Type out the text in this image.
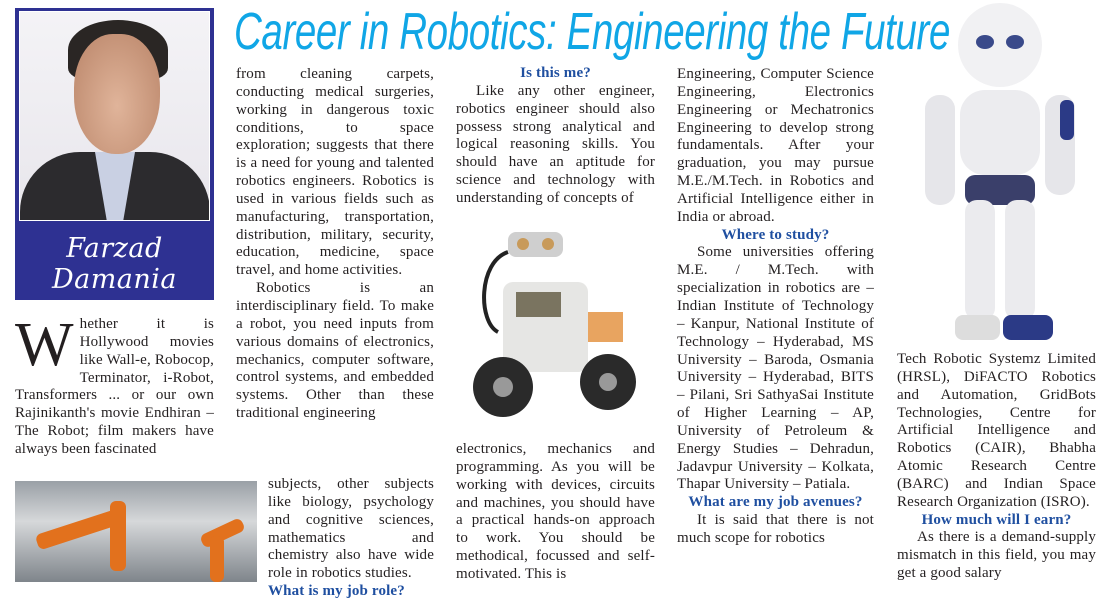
Career in Robotics: Engineering the Future
Farzad Damania

Whether it is Hollywood movies like Wall-e, Robocop, Terminator, i-Robot, Transformers ... or our own Rajinikanth's movie Endhiran – The Robot; film makers have always been fascinated

from cleaning carpets, conducting medical surgeries, working in dangerous toxic conditions, to space exploration; suggests that there is a need for young and talented robotics engineers. Robotics is used in various fields such as manufacturing, transportation, distribution, military, security, education, medicine, space travel, and home activities.

Robotics is an interdisciplinary field. To make a robot, you need inputs from various domains of electronics, mechanics, computer software, control systems, and embedded systems. Other than these traditional engineering

subjects, other subjects like biology, psychology and cognitive sciences, mathematics and chemistry also have wide role in robotics studies.

What is my job role?

Is this me?

Like any other engineer, robotics engineer should also possess strong analytical and logical reasoning skills. You should have an aptitude for science and technology with understanding of concepts of

electronics, mechanics and programming. As you will be working with devices, circuits and machines, you should have a practical hands-on approach to work. You should be methodical, focussed and self-motivated. This is

Engineering, Computer Science Engineering, Electronics Engineering or Mechatronics Engineering to develop strong fundamentals. After your graduation, you may pursue M.E./M.Tech. in Robotics and Artificial Intelligence either in India or abroad.

Where to study?

Some universities offering M.E. / M.Tech. with specialization in robotics are – Indian Institute of Technology – Kanpur, National Institute of Technology – Hyderabad, MS University – Baroda, Osmania University – Hyderabad, BITS – Pilani, Sri SathyaSai Institute of Higher Learning – AP, University of Petroleum & Energy Studies – Dehradun, Jadavpur University – Kolkata, Thapar University – Patiala.

What are my job avenues?

It is said that there is not much scope for robotics

Tech Robotic Systemz Limited (HRSL), DiFACTO Robotics and Automation, GridBots Technologies, Centre for Artificial Intelligence and Robotics (CAIR), Bhabha Atomic Research Centre (BARC) and Indian Space Research Organization (ISRO).

How much will I earn?

As there is a demand-supply mismatch in this field, you may get a good salary
